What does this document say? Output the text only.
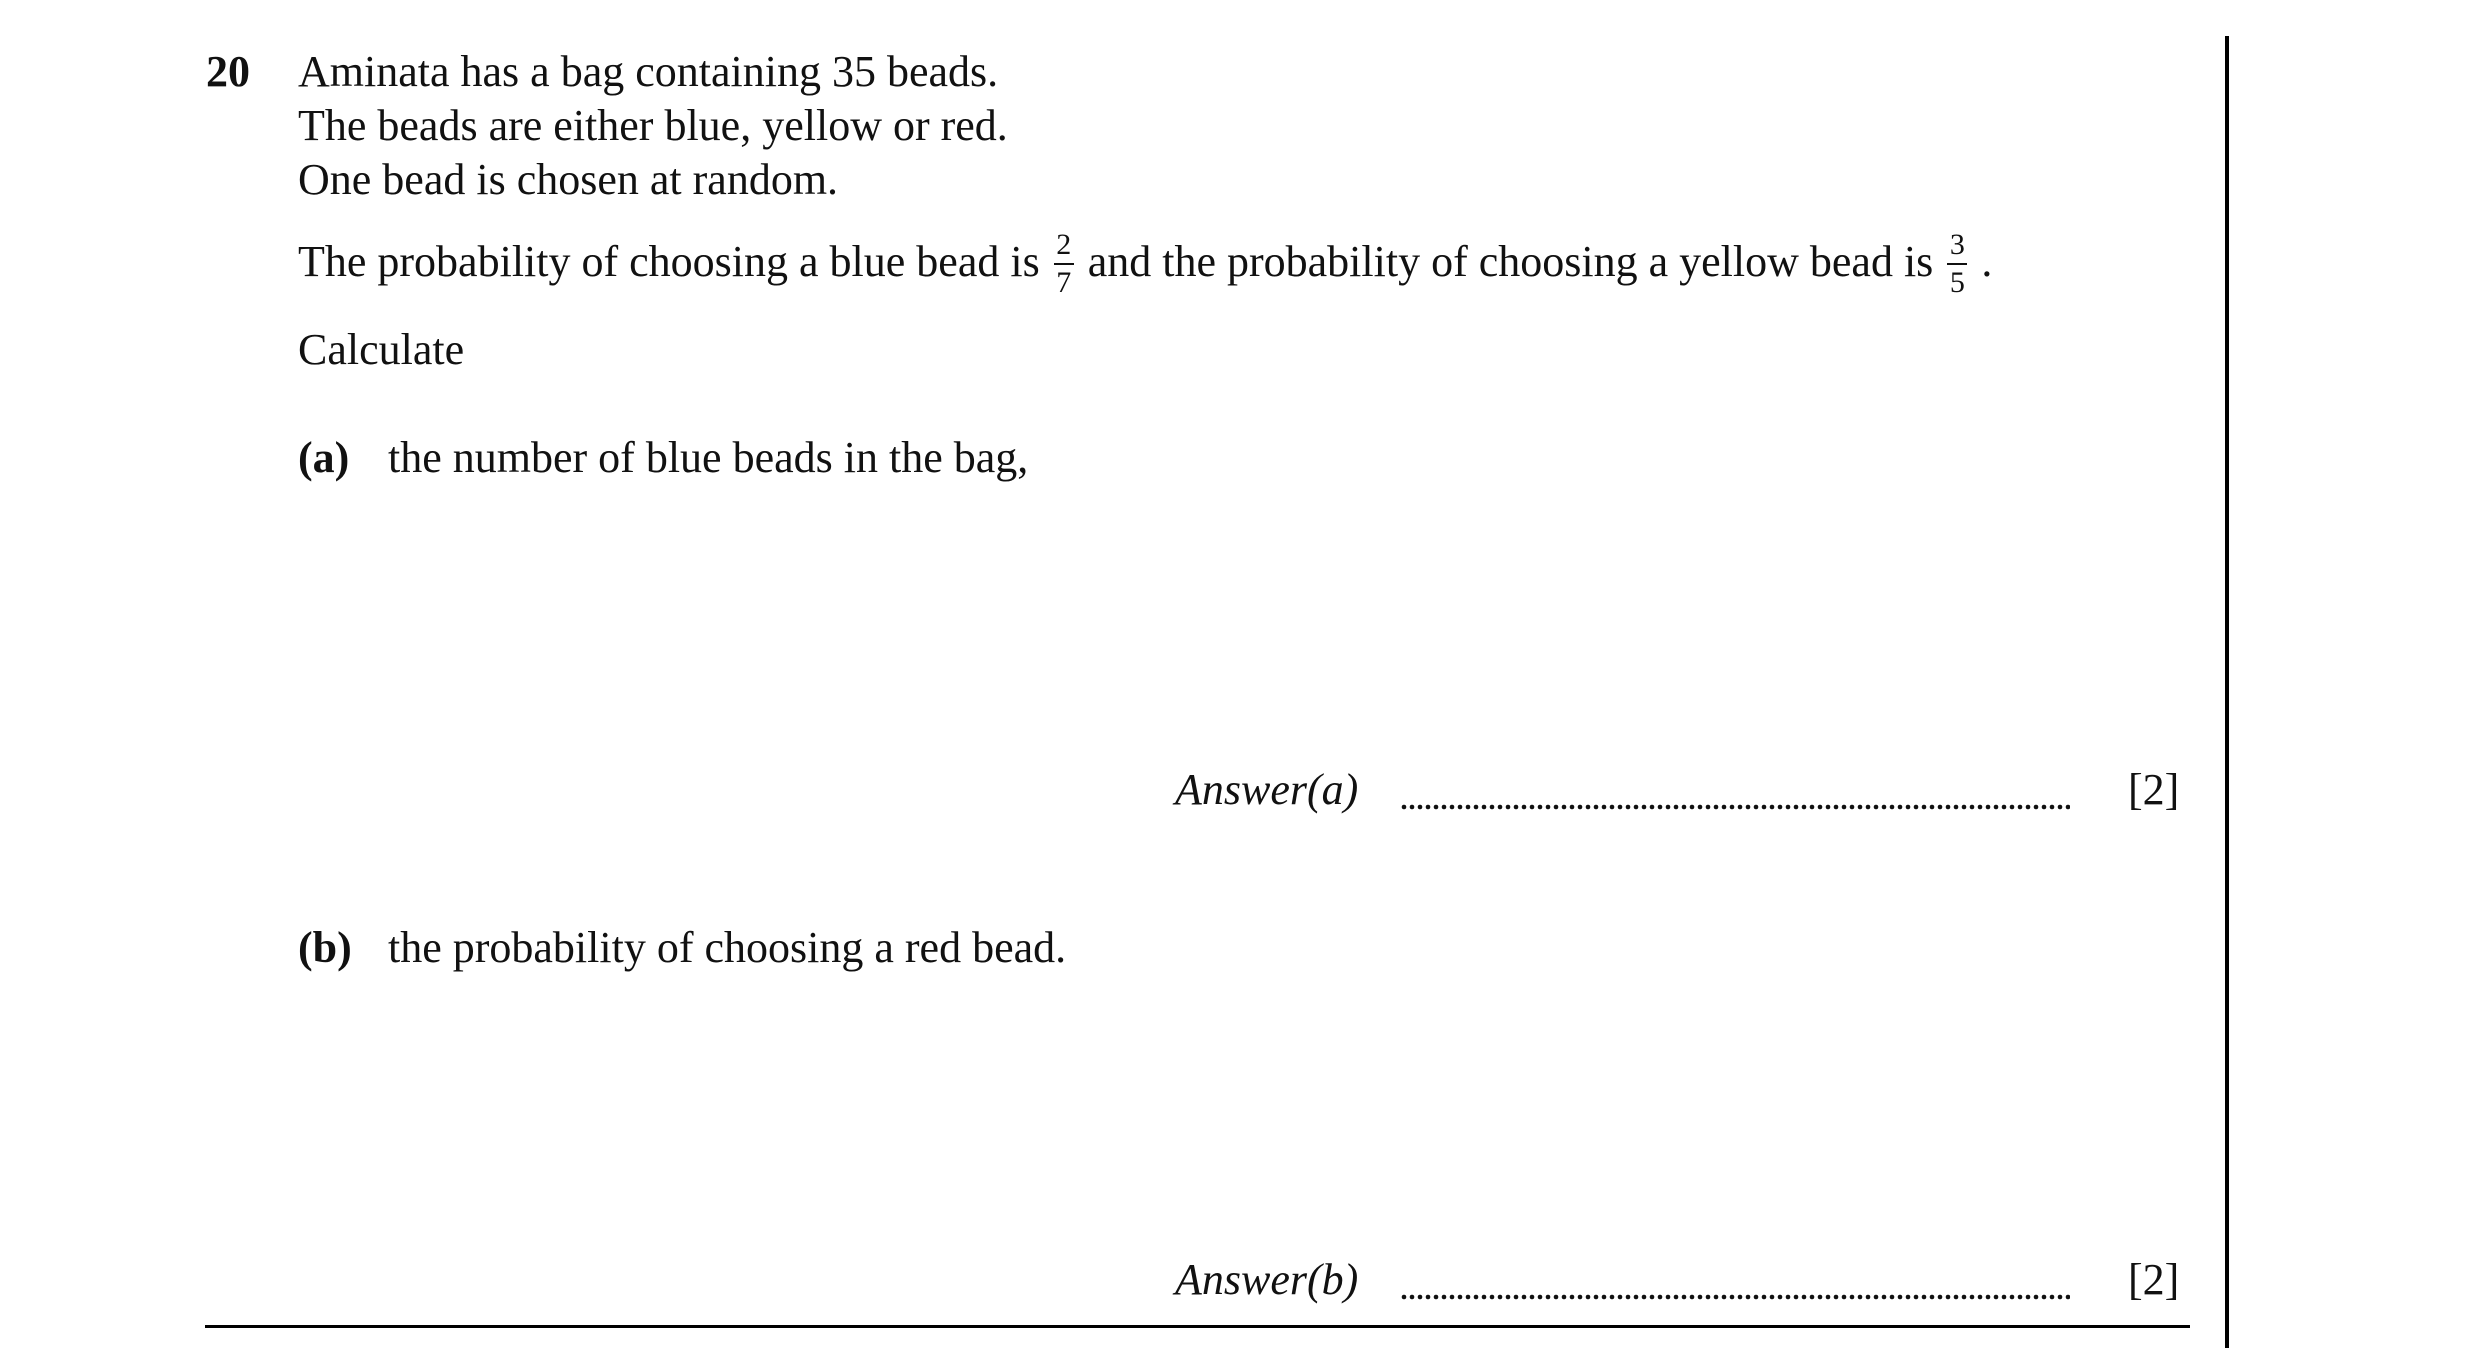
20 Aminata has a bag containing 35 beads.
The beads are either blue, yellow or red.
One bead is chosen at random.
The probability of choosing a blue bead is $\frac{2}{7}$ and the probability of choosing a yellow bead is $\frac{3}{5}$ .
Calculate
(a) the number of blue beads in the bag,
Answer(a)	[2]
(b) the probability of choosing a red bead.
Answer(b)	[2]
